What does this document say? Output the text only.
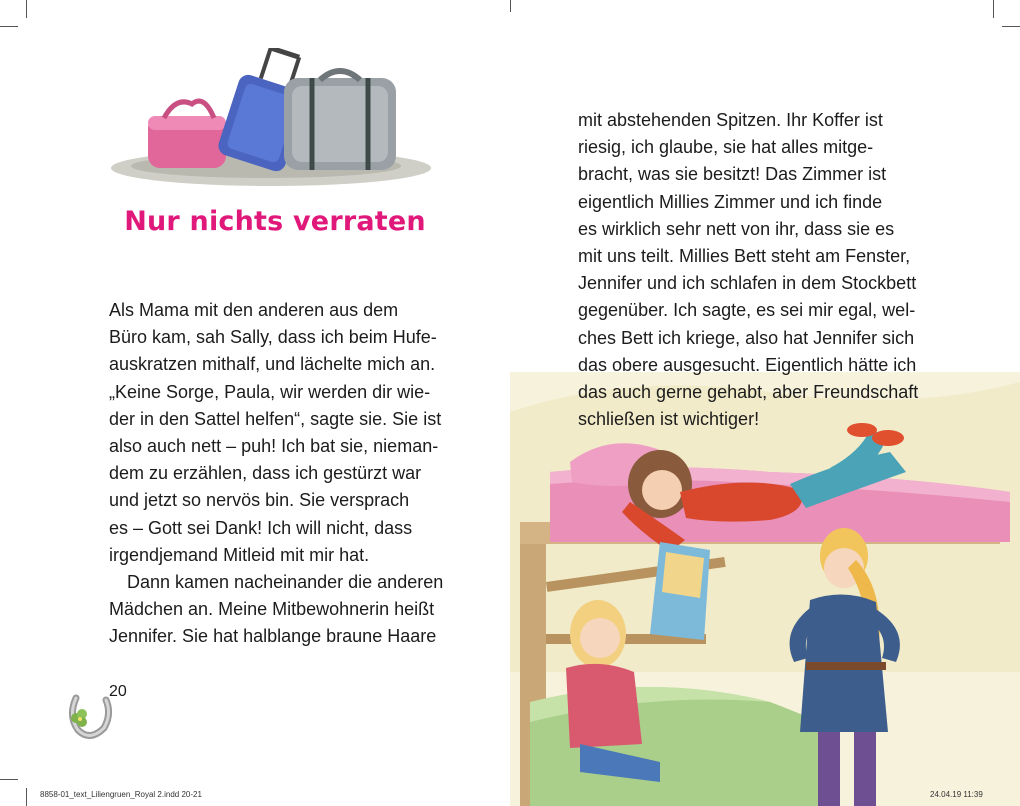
Nur nichts verraten
Als Mama mit den anderen aus dem
Büro kam, sah Sally, dass ich beim Hufe-
auskratzen mithalf, und lächelte mich an.
„Keine Sorge, Paula, wir werden dir wie-
der in den Sattel helfen“, sagte sie. Sie ist
also auch nett – puh! Ich bat sie, nieman-
dem zu erzählen, dass ich gestürzt war
und jetzt so nervös bin. Sie versprach
es – Gott sei Dank! Ich will nicht, dass
irgendjemand Mitleid mit mir hat.
Dann kamen nacheinander die anderen
Mädchen an. Meine Mitbewohnerin heißt
Jennifer. Sie hat halblange braune Haare
20
8858-01_text_Liliengruen_Royal 2.indd 20-21
mit abstehenden Spitzen. Ihr Koffer ist
riesig, ich glaube, sie hat alles mitge-
bracht, was sie besitzt! Das Zimmer ist
eigentlich Millies Zimmer und ich finde
es wirklich sehr nett von ihr, dass sie es
mit uns teilt. Millies Bett steht am Fenster,
Jennifer und ich schlafen in dem Stockbett
gegenüber. Ich sagte, es sei mir egal, wel-
ches Bett ich kriege, also hat Jennifer sich
das obere ausgesucht. Eigentlich hätte ich
das auch gerne gehabt, aber Freundschaft
schließen ist wichtiger!
24.04.19 11:39
